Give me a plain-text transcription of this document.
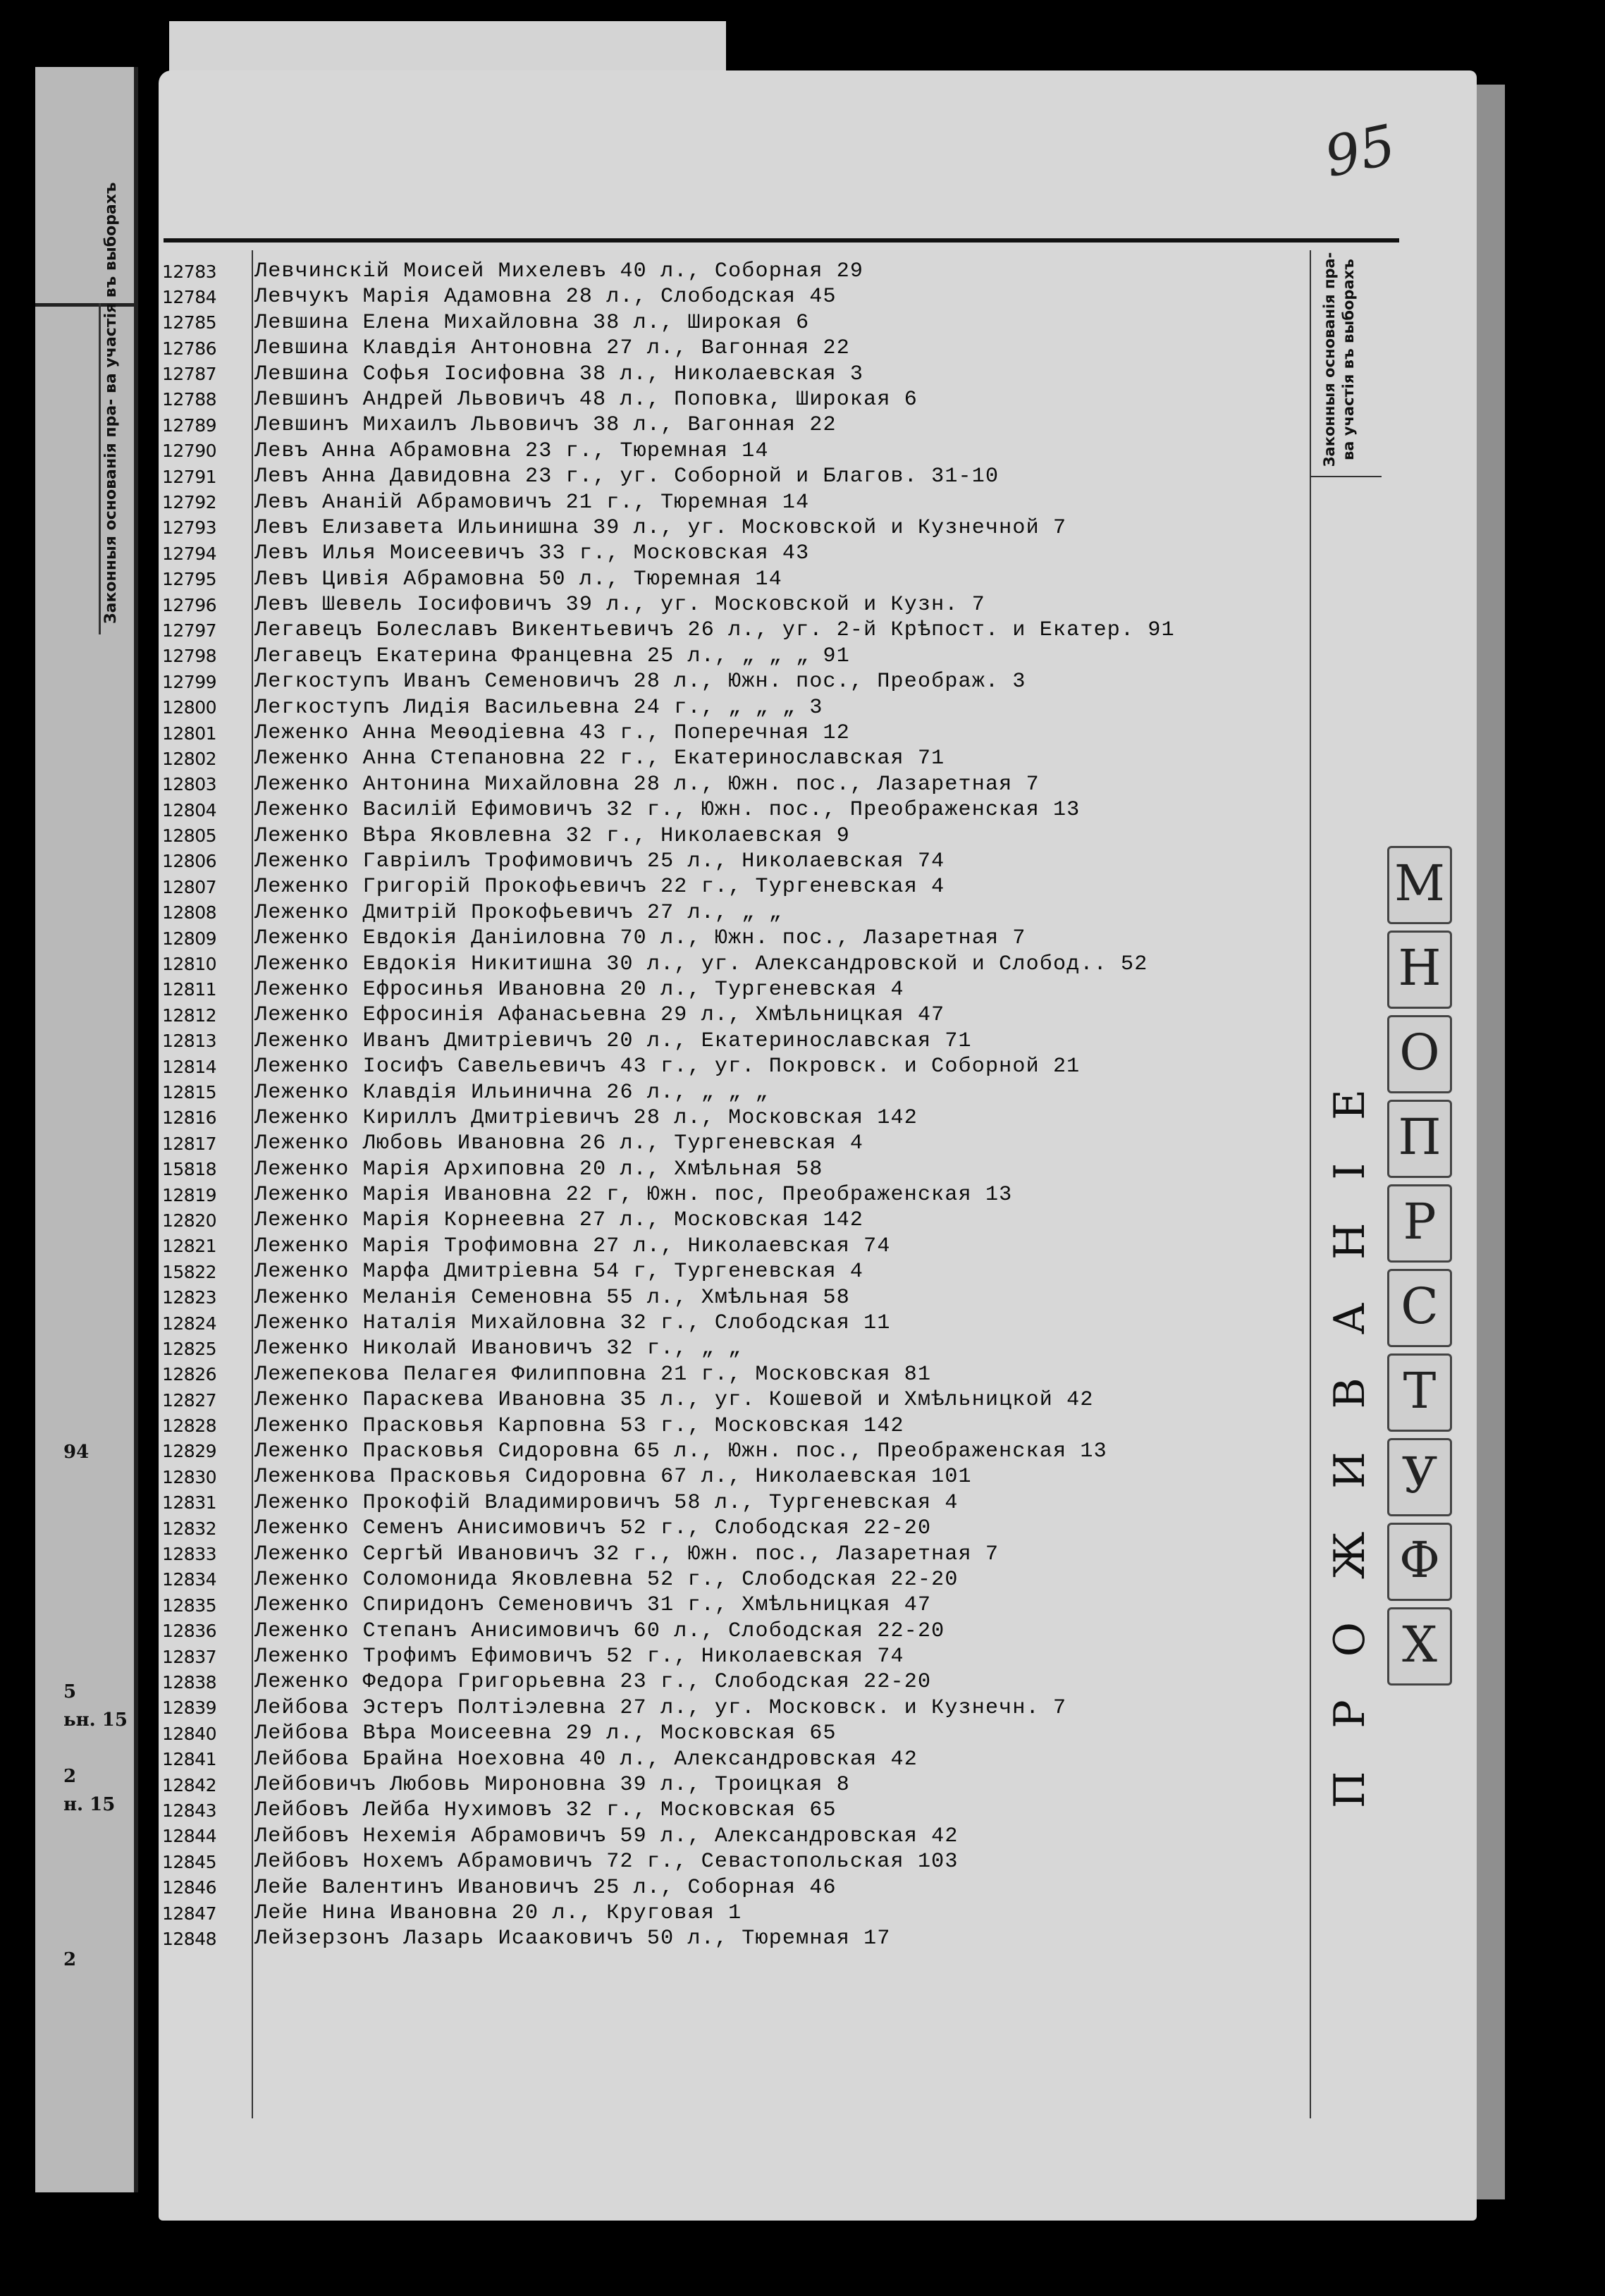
Законныя основанія пра- ва участія въ выборахъ
94
5
ьн. 15
2
н. 15
2
95
Законныя основанія пра- ва участія въ выборахъ
ПРОЖИВАНІЕ
М
Н
О
П
Р
С
Т
У
Ф
Х
12783 Левчинскій Моисей Михелевъ 40 л., Соборная 29
12784 Левчукъ Марія Адамовна 28 л., Слободская 45
12785 Левшина Елена Михайловна 38 л., Широкая 6
12786 Левшина Клавдія Антоновна 27 л., Вагонная 22
12787 Левшина Софья Іосифовна 38 л., Николаевская 3
12788 Левшинъ Андрей Львовичъ 48 л., Поповка, Широкая 6
12789 Левшинъ Михаилъ Львовичъ 38 л., Вагонная 22
12790 Левъ Анна Абрамовна 23 г., Тюремная 14
12791 Левъ Анна Давидовна 23 г., уг. Соборной и Благов. 31-10
12792 Левъ Ананій Абрамовичъ 21 г., Тюремная 14
12793 Левъ Елизавета Ильинишна 39 л., уг. Московской и Кузнечной 7
12794 Левъ Илья Моисеевичъ 33 г., Московская 43
12795 Левъ Цивія Абрамовна 50 л., Тюремная 14
12796 Левъ Шевель Іосифовичъ 39 л., уг. Московской и Кузн. 7
12797 Легавецъ Болеславъ Викентьевичъ 26 л., уг. 2-й Крѣпост. и Екатер. 91
12798 Легавецъ Екатерина Францевна 25 л., „ „ „ 91
12799 Легкоступъ Иванъ Семеновичъ 28 л., Южн. пос., Преображ. 3
12800 Легкоступъ Лидія Васильевна 24 г., „ „ „ 3
12801 Леженко Анна Меѳодіевна 43 г., Поперечная 12
12802 Леженко Анна Степановна 22 г., Екатеринославская 71
12803 Леженко Антонина Михайловна 28 л., Южн. пос., Лазаретная 7
12804 Леженко Василій Ефимовичъ 32 г., Южн. пос., Преображенская 13
12805 Леженко Вѣра Яковлевна 32 г., Николаевская 9
12806 Леженко Гавріилъ Трофимовичъ 25 л., Николаевская 74
12807 Леженко Григорій Прокофьевичъ 22 г., Тургеневская 4
12808 Леженко Дмитрій Прокофьевичъ 27 л., „ „
12809 Леженко Евдокія Даніиловна 70 л., Южн. пос., Лазаретная 7
12810 Леженко Евдокія Никитишна 30 л., уг. Александровской и Слобод.. 52
12811 Леженко Ефросинья Ивановна 20 л., Тургеневская 4
12812 Леженко Ефросинія Афанасьевна 29 л., Хмѣльницкая 47
12813 Леженко Иванъ Дмитріевичъ 20 л., Екатеринославская 71
12814 Леженко Іосифъ Савельевичъ 43 г., уг. Покровск. и Соборной 21
12815 Леженко Клавдія Ильинична 26 л., „ „ „
12816 Леженко Кириллъ Дмитріевичъ 28 л., Московская 142
12817 Леженко Любовь Ивановна 26 л., Тургеневская 4
15818 Леженко Марія Архиповна 20 л., Хмѣльная 58
12819 Леженко Марія Ивановна 22 г, Южн. пос, Преображенская 13
12820 Леженко Марія Корнеевна 27 л., Московская 142
12821 Леженко Марія Трофимовна 27 л., Николаевская 74
15822 Леженко Марфа Дмитріевна 54 г, Тургеневская 4
12823 Леженко Меланія Семеновна 55 л., Хмѣльная 58
12824 Леженко Наталія Михайловна 32 г., Слободская 11
12825 Леженко Николай Ивановичъ 32 г., „ „
12826 Лежепекова Пелагея Филипповна 21 г., Московская 81
12827 Леженко Параскева Ивановна 35 л., уг. Кошевой и Хмѣльницкой 42
12828 Леженко Прасковья Карповна 53 г., Московская 142
12829 Леженко Прасковья Сидоровна 65 л., Южн. пос., Преображенская 13
12830 Леженкова Прасковья Сидоровна 67 л., Николаевская 101
12831 Леженко Прокофій Владимировичъ 58 л., Тургеневская 4
12832 Леженко Семенъ Анисимовичъ 52 г., Слободская 22-20
12833 Леженко Сергѣй Ивановичъ 32 г., Южн. пос., Лазаретная 7
12834 Леженко Соломонида Яковлевна 52 г., Слободская 22-20
12835 Леженко Спиридонъ Семеновичъ 31 г., Хмѣльницкая 47
12836 Леженко Степанъ Анисимовичъ 60 л., Слободская 22-20
12837 Леженко Трофимъ Ефимовичъ 52 г., Николаевская 74
12838 Леженко Федора Григорьевна 23 г., Слободская 22-20
12839 Лейбова Эстеръ Полтіэлевна 27 л., уг. Московск. и Кузнечн. 7
12840 Лейбова Вѣра Моисеевна 29 л., Московская 65
12841 Лейбова Брайна Ноеховна 40 л., Александровская 42
12842 Лейбовичъ Любовь Мироновна 39 л., Троицкая 8
12843 Лейбовъ Лейба Нухимовъ 32 г., Московская 65
12844 Лейбовъ Нехемія Абрамовичъ 59 л., Александровская 42
12845 Лейбовъ Нохемъ Абрамовичъ 72 г., Севастопольская 103
12846 Лейе Валентинъ Ивановичъ 25 л., Соборная 46
12847 Лейе Нина Ивановна 20 л., Круговая 1
12848 Лейзерзонъ Лазарь Исааковичъ 50 л., Тюремная 17
